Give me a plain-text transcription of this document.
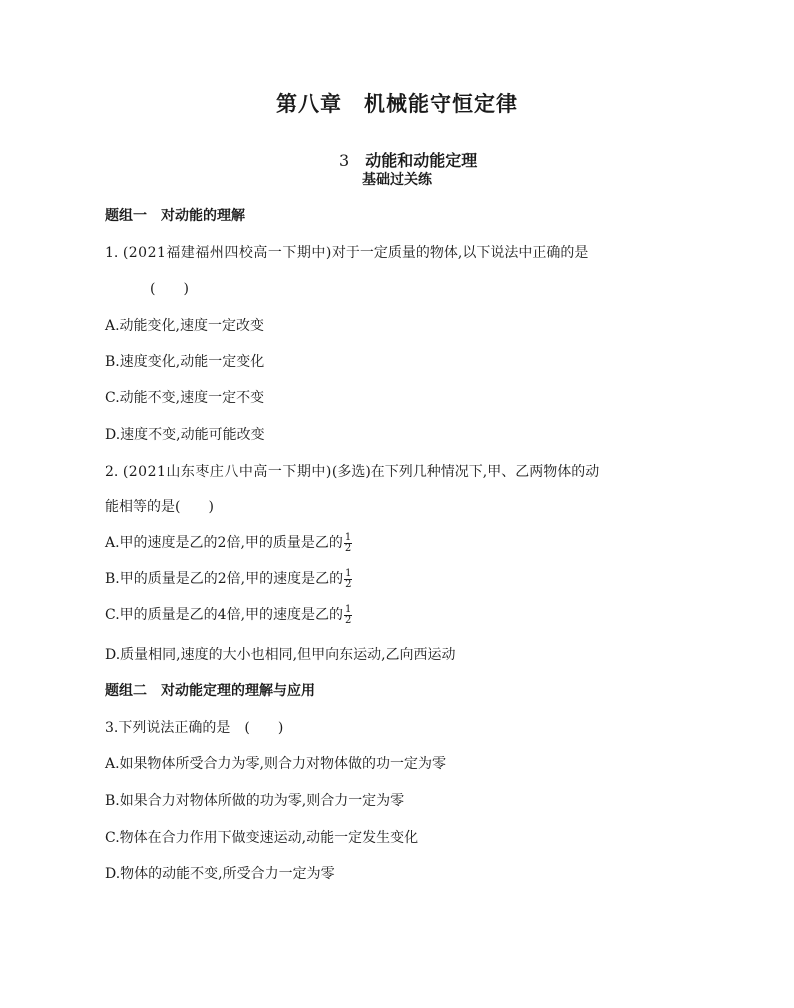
第八章　机械能守恒定律

3　 动能和动能定理

基础过关练
题组一　对动能的理解
1. (2021福建福州四校高一下期中)对于一定质量的物体,以下说法中正确的是
(　　)
A.动能变化,速度一定改变
B.速度变化,动能一定变化
C.动能不变,速度一定不变
D.速度不变,动能可能改变
2. (2021山东枣庄八中高一下期中)(多选)在下列几种情况下,甲、乙两物体的动
能相等的是(　　)
A.甲的速度是乙的2倍,甲的质量是乙的 $\frac{1}{2}$
B.甲的质量是乙的2倍,甲的速度是乙的 $\frac{1}{2}$
C.甲的质量是乙的4倍,甲的速度是乙的 $\frac{1}{2}$
D.质量相同,速度的大小也相同,但甲向东运动,乙向西运动
题组二　对动能定理的理解与应用
3.下列说法正确的是　(　　)
A.如果物体所受合力为零,则合力对物体做的功一定为零
B.如果合力对物体所做的功为零,则合力一定为零
C.物体在合力作用下做变速运动,动能一定发生变化
D.物体的动能不变,所受合力一定为零
